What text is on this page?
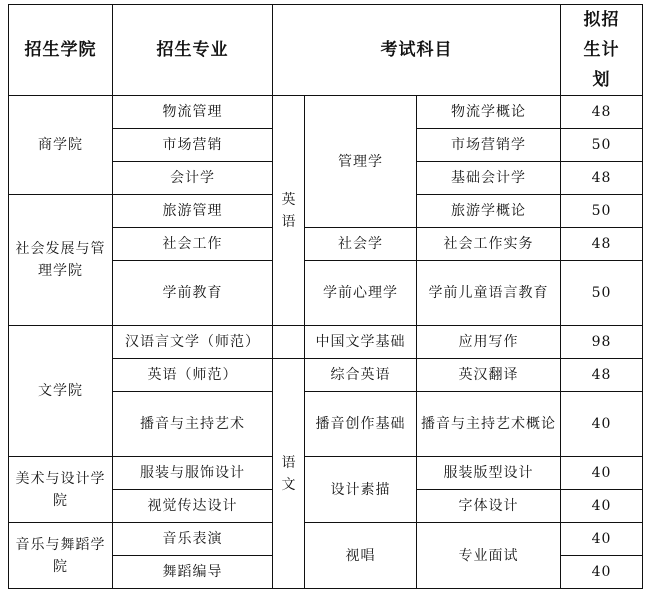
招生学院	招生专业	考试科目			拟招生计划
商学院	物流管理	英语	管理学	物流学概论	48
	市场营销			市场营销学	50
	会计学			基础会计学	48
社会发展与管理学院	旅游管理			旅游学概论	50
	社会工作		社会学	社会工作实务	48
	学前教育		学前心理学	学前儿童语言教育	50
文学院	汉语言文学（师范）		中国文学基础	应用写作	98
	英语（师范）	语文	综合英语	英汉翻译	48
	播音与主持艺术		播音创作基础	播音与主持艺术概论	40
美术与设计学院	服装与服饰设计		设计素描	服装版型设计	40
	视觉传达设计			字体设计	40
音乐与舞蹈学院	音乐表演		视唱	专业面试	40
	舞蹈编导				40
